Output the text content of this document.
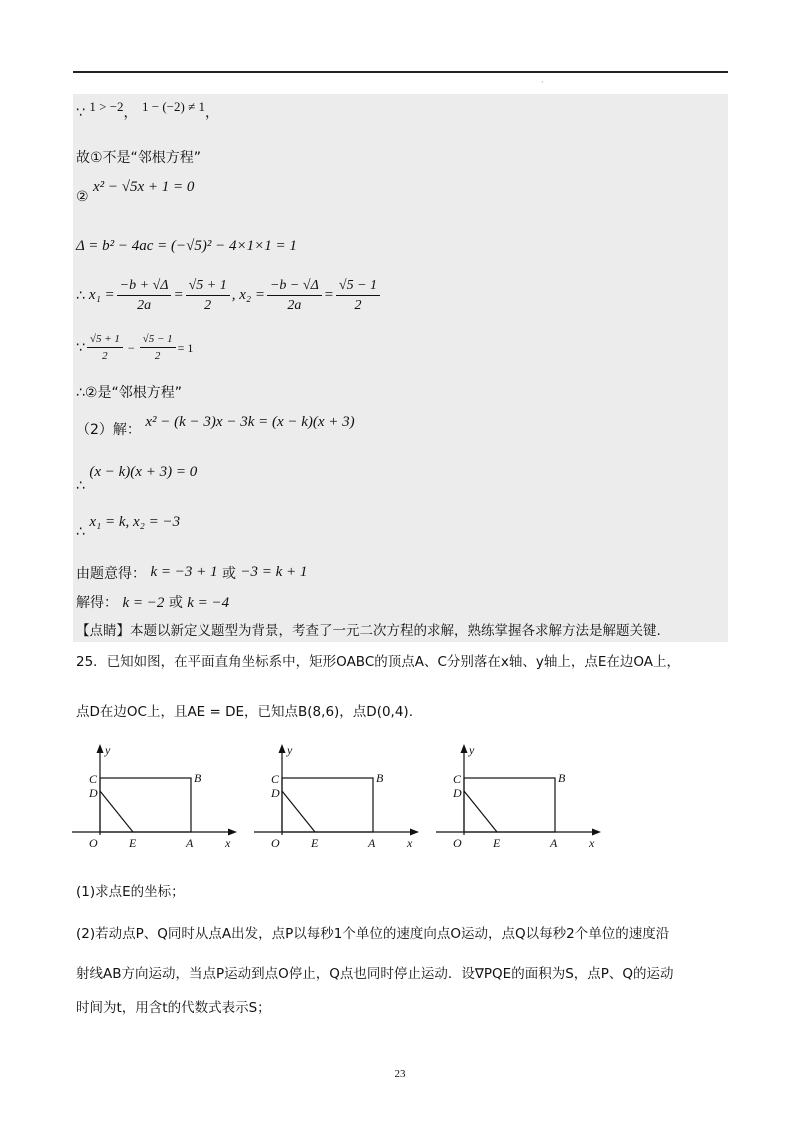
·
∵ 1 > −2， 1 − (−2) ≠ 1，
故①不是“邻根方程”
② x² − √5x + 1 = 0
Δ = b² − 4ac = (−√5)² − 4×1×1 = 1
∴ $x_1 = \frac{-b + √\Delta}{2a} = \frac{√5 + 1}{2}$ , $x_2 = \frac{-b - √\Delta}{2a} = \frac{√5 - 1}{2}$
∵ $\frac{√5 + 1}{2} - \frac{√5 - 1}{2} = 1$
∴②是“邻根方程”
（2）解： x² − (k − 3)x − 3k = (x − k)(x + 3)
∴ (x − k)(x + 3) = 0
∴ x₁ = k, x₂ = −3
由题意得： k = −3 + 1 或 −3 = k + 1
解得： k = −2 或 k = −4
【点睛】本题以新定义题型为背景，考查了一元二次方程的求解，熟练掌握各求解方法是解题关键.
25．已知如图，在平面直角坐标系中，矩形OABC的顶点A、C分别落在x轴、y轴上，点E在边OA上，
点D在边OC上，且AE = DE，已知点B(8,6)，点D(0,4).
y
C
D
B
O	E	A	x
y
C
D
B
O	E	A	x
y
C
D
B
O	E	A	x
(1)求点E的坐标；
(2)若动点P、Q同时从点A出发，点P以每秒1个单位的速度向点O运动，点Q以每秒2个单位的速度沿
射线AB方向运动，当点P运动到点O停止，Q点也同时停止运动．设∇PQE的面积为S，点P、Q的运动
时间为t，用含t的代数式表示S；
23
